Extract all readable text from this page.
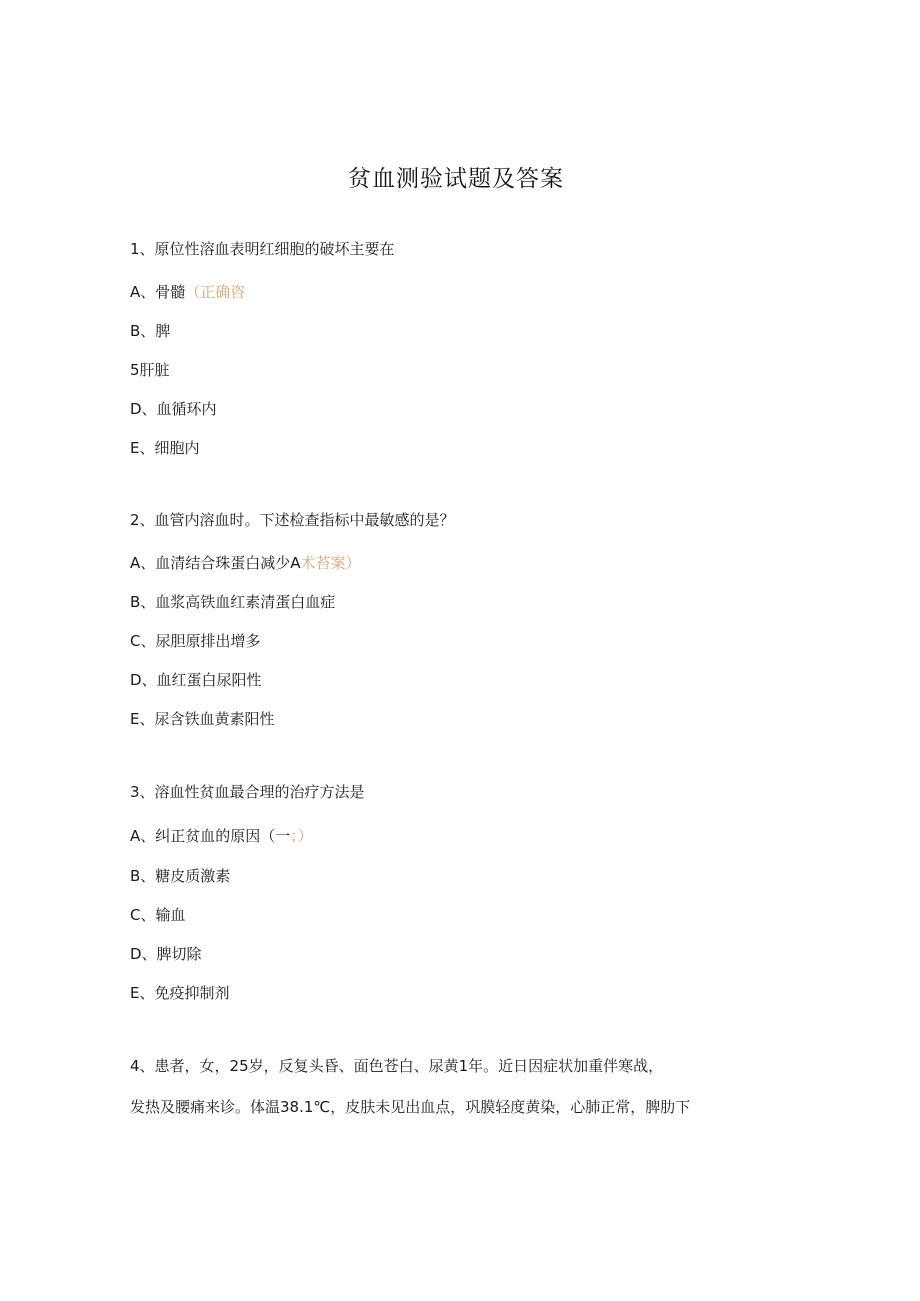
贫血测验试题及答案
1、原位性溶血表明红细胞的破坏主要在
A、骨髓（正确咨
B、脾
5肝脏
D、血循环内
E、细胞内
2、血管内溶血时。下述检查指标中最敏感的是？
A、血清结合珠蛋白减少A术苔案）
B、血浆高铁血红素清蛋白血症
C、尿胆原排出增多
D、血红蛋白尿阳性
E、尿含铁血黄素阳性
3、溶血性贫血最合理的治疗方法是
A、纠正贫血的原因（一；）
B、糖皮质激素
C、输血
D、脾切除
E、免疫抑制剂
4、患者，女，25岁，反复头昏、面色苍白、尿黄1年。近日因症状加重伴寒战，
发热及腰痛来诊。体温38.1℃，皮肤未见出血点，巩膜轻度黄染，心肺正常，脾肋下
